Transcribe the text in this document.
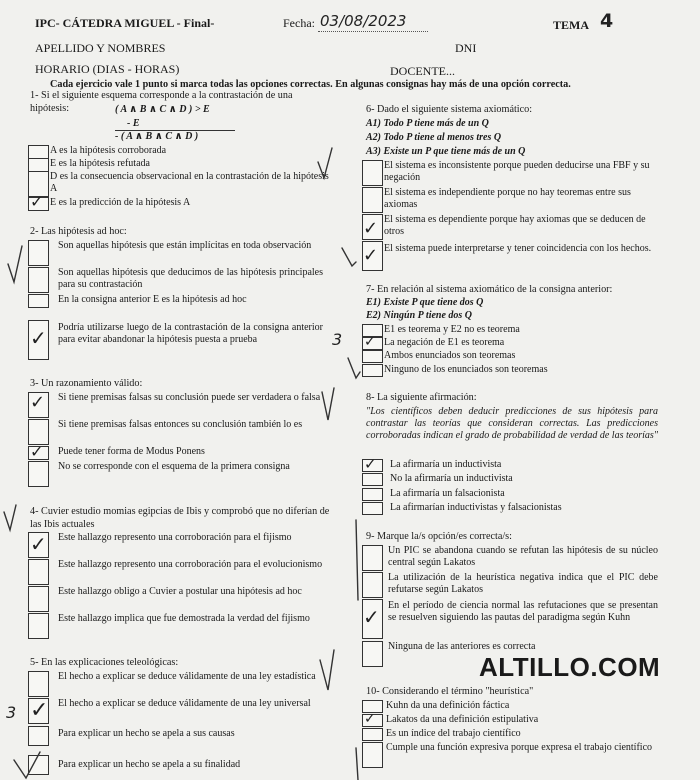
IPC- CÁTEDRA MIGUEL - Final-	Fecha: 03/08/2023	TEMA 4
APELLIDO Y NOMBRES	DNI
HORARIO (DIAS - HORAS)	DOCENTE...
Cada ejercicio vale 1 punto si marca todas las opciones correctas. En algunas consignas hay más de una opción correcta.
1- Si el siguiente esquema corresponde a la contrastación de una hipótesis:	( A ∧ B ∧ C ∧ D ) > E
- E
- ( A ∧ B ∧ C ∧ D )
A es la hipótesis corroborada
E es la hipótesis refutada
D es la consecuencia observacional en la contrastación de la hipótesis A
E es la predicción de la hipótesis A
2- Las hipótesis ad hoc:
Son aquellas hipótesis que están implícitas en toda observación
Son aquellas hipótesis que deducimos de las hipótesis principales para su contrastación
En la consigna anterior E es la hipótesis ad hoc
Podría utilizarse luego de la contrastación de la consigna anterior para evitar abandonar la hipótesis puesta a prueba
3- Un razonamiento válido:
Si tiene premisas falsas su conclusión puede ser verdadera o falsa
Si tiene premisas falsas entonces su conclusión también lo es
Puede tener forma de Modus Ponens
No se corresponde con el esquema de la primera consigna
4- Cuvier estudio momias egipcias de Ibis y comprobó que no diferían de las Ibis actuales
Este hallazgo represento una corroboración para el fijismo
Este hallazgo represento una corroboración para el evolucionismo
Este hallazgo obligo a Cuvier a postular una hipótesis ad hoc
Este hallazgo implica que fue demostrada la verdad del fijismo
5- En las explicaciones teleológicas:
El hecho a explicar se deduce válidamente de una ley estadística
El hecho a explicar se deduce válidamente de una ley universal
Para explicar un hecho se apela a sus causas
Para explicar un hecho se apela a su finalidad
6- Dado el siguiente sistema axiomático:
A1) Todo P tiene más de un Q
A2) Todo P tiene al menos tres Q
A3) Existe un P que tiene más de un Q
El sistema es inconsistente porque pueden deducirse una FBF y su negación
El sistema es independiente porque no hay teoremas entre sus axiomas
El sistema es dependiente porque hay axiomas que se deducen de otros
El sistema puede interpretarse y tener coincidencia con los hechos.
7- En relación al sistema axiomático de la consigna anterior:
E1) Existe P que tiene dos Q
E2) Ningún P tiene dos Q
E1 es teorema y E2 no es teorema
La negación de E1 es teorema
Ambos enunciados son teoremas
Ninguno de los enunciados son teoremas
8- La siguiente afirmación:
"Los científicos deben deducir predicciones de sus hipótesis para contrastar las teorías que consideran correctas. Las predicciones corroboradas indican el grado de probabilidad de verdad de las teorías"
La afirmaría un inductivista
No la afirmaría un inductivista
La afirmaría un falsacionista
La afirmarían inductivistas y falsacionistas
9- Marque la/s opción/es correcta/s:
Un PIC se abandona cuando se refutan las hipótesis de su núcleo central según Lakatos
La utilización de la heurística negativa indica que el PIC debe refutarse según Lakatos
En el período de ciencia normal las refutaciones que se presentan se resuelven siguiendo las pautas del paradigma según Kuhn
Ninguna de las anteriores es correcta
ALTILLO.COM
10- Considerando el término "heurística"
Kuhn da una definición fáctica
Lakatos da una definición estipulativa
Es un índice del trabajo científico
Cumple una función expresiva porque expresa el trabajo científico
✓
✓
✓
✓
✓
✓
✓
✓
✓
✓
✓
✓
3
3
